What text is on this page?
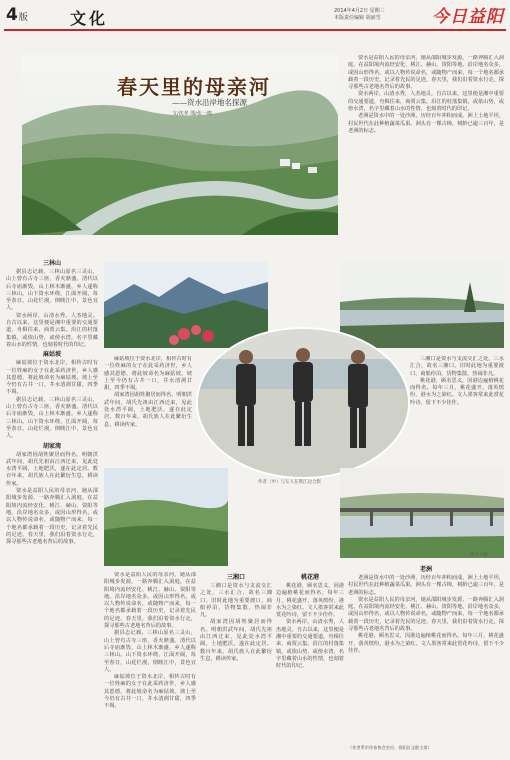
4版	文化	2014年4月2日 星期三
本版责任编辑 胡丽雪	今日益阳
春天里的母亲河
——资水沿岸地名探源
文/沈孝 图/伍一鸣

资水是益阳人民的母亲河，她从邵阳城步发源，一路奔腾汇入洞庭，在益阳境内流经安化、桃江、赫山、资阳等地。沿岸地名众多，或因山形得名，或以人物传说命名，或随物产而来，每一个地名都承载着一段历史，记录着先民的足迹。春天里，我们沿着资水行走，探寻那些古老地名背后的故事。

资水两岸，山清水秀，人杰地灵。自古以来，这里便是湘中重要的交通要道，舟楫往来，商贾云集。沿江的村落集镇，或依山势，或傍水湾，名字里藏着山水的性情，也刻着时代的印记。

老洲是资水中的一处沙洲，历经百年冲积而成。洲上土地平坦，村民世代在此种植蔬菜瓜果。洲头有一棵古樟，树龄已逾三百年，是老洲的标志。

三林山

据县志记载，三林山原名三灵山，山上曾有古寺三座，香火鼎盛。清代以后寺庙渐毁，山上林木渐盛，乡人遂称三林山。山下资水环绕，江面开阔，每至春日，山花烂漫，倒映江中，景色宜人。

资水两岸，山清水秀，人杰地灵。自古以来，这里便是湘中重要的交通要道，舟楫往来，商贾云集。沿江的村落集镇，或依山势，或傍水湾，名字里藏着山水的性情，也刻着时代的印记。

麻姑坡

麻姑坡位于资水北岸，相传古时有一位姓麻的女子在此采药济世，乡人感其恩德，将此坡命名为麻姑坡。坡上至今仍有古井一口，井水清冽甘甜，四季不竭。

据县志记载，三林山原名三灵山，山上曾有古寺三座，香火鼎盛。清代以后寺庙渐毁，山上林木渐盛，乡人遂称三林山。山下资水环绕，江面开阔，每至春日，山花烂漫，倒映江中，景色宜人。

胡家湾

胡家湾因胡姓聚居而得名。明朝洪武年间，胡氏先祖由江西迁来，见此处水湾平阔，土地肥沃，遂在此定居。数百年来，胡氏族人在此繁衍生息，耕读传家。

资水是益阳人民的母亲河，她从邵阳城步发源，一路奔腾汇入洞庭，在益阳境内流经安化、桃江、赫山、资阳等地。沿岸地名众多，或因山形得名，或以人物传说命名，或随物产而来，每一个地名都承载着一段历史，记录着先民的足迹。春天里，我们沿着资水行走，探寻那些古老地名背后的故事。

作者（中）与友人在资江边合影
春到资江
资水大桥

麻姑坡位于资水北岸，相传古时有一位姓麻的女子在此采药济世，乡人感其恩德，将此坡命名为麻姑坡。坡上至今仍有古井一口，井水清冽甘甜，四季不竭。

胡家湾因胡姓聚居而得名。明朝洪武年间，胡氏先祖由江西迁来，见此处水湾平阔，土地肥沃，遂在此定居。数百年来，胡氏族人在此繁衍生息，耕读传家。

三湘口是资水与支流交汇之处，三水汇合，故名三湘口。旧时此地为重要渡口，商船停泊，货物集散，热闹非凡。

桃花港，顾名思义，因港边遍植桃花而得名。每年三月，桃花盛开，落英缤纷，港水为之染红。文人墨客常来此赏花吟诗，留下不少佳作。

资水是益阳人民的母亲河，她从邵阳城步发源，一路奔腾汇入洞庭，在益阳境内流经安化、桃江、赫山、资阳等地。沿岸地名众多，或因山形得名，或以人物传说命名，或随物产而来，每一个地名都承载着一段历史，记录着先民的足迹。春天里，我们沿着资水行走，探寻那些古老地名背后的故事。

据县志记载，三林山原名三灵山，山上曾有古寺三座，香火鼎盛。清代以后寺庙渐毁，山上林木渐盛，乡人遂称三林山。山下资水环绕，江面开阔，每至春日，山花烂漫，倒映江中，景色宜人。

麻姑坡位于资水北岸，相传古时有一位姓麻的女子在此采药济世，乡人感其恩德，将此坡命名为麻姑坡。坡上至今仍有古井一口，井水清冽甘甜，四季不竭。

三湘口

三湘口是资水与支流交汇之处，三水汇合，故名三湘口。旧时此地为重要渡口，商船停泊，货物集散，热闹非凡。

胡家湾因胡姓聚居而得名。明朝洪武年间，胡氏先祖由江西迁来，见此处水湾平阔，土地肥沃，遂在此定居。数百年来，胡氏族人在此繁衍生息，耕读传家。

桃花港

桃花港，顾名思义，因港边遍植桃花而得名。每年三月，桃花盛开，落英缤纷，港水为之染红。文人墨客常来此赏花吟诗，留下不少佳作。

资水两岸，山清水秀，人杰地灵。自古以来，这里便是湘中重要的交通要道，舟楫往来，商贾云集。沿江的村落集镇，或依山势，或傍水湾，名字里藏着山水的性情，也刻着时代的印记。

老洲

老洲是资水中的一处沙洲，历经百年冲积而成。洲上土地平坦，村民世代在此种植蔬菜瓜果。洲头有一棵古樟，树龄已逾三百年，是老洲的标志。

资水是益阳人民的母亲河，她从邵阳城步发源，一路奔腾汇入洞庭，在益阳境内流经安化、桃江、赫山、资阳等地。沿岸地名众多，或因山形得名，或以人物传说命名，或随物产而来，每一个地名都承载着一段历史，记录着先民的足迹。春天里，我们沿着资水行走，探寻那些古老地名背后的故事。

桃花港，顾名思义，因港边遍植桃花而得名。每年三月，桃花盛开，落英缤纷，港水为之染红。文人墨客常来此赏花吟诗，留下不少佳作。

（作者系市作家协会会员、资阳区文联主席）
